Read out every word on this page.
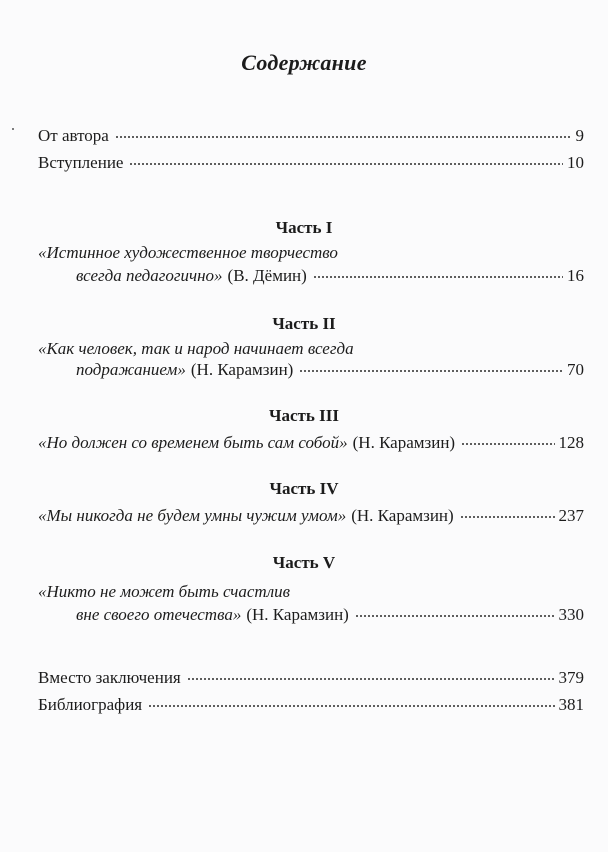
Содержание
От автора	9
Вступление	10
Часть I
«Истинное художественное творчество
всегда педагогично» (В. Дёмин)	16
Часть II
«Как человек, так и народ начинает всегда
подражанием» (Н. Карамзин)	70
Часть III
«Но должен со временем быть сам собой» (Н. Карамзин)	128
Часть IV
«Мы никогда не будем умны чужим умом» (Н. Карамзин)	237
Часть V
«Никто не может быть счастлив
вне своего отечества» (Н. Карамзин)	330
Вместо заключения	379
Библиография	381
